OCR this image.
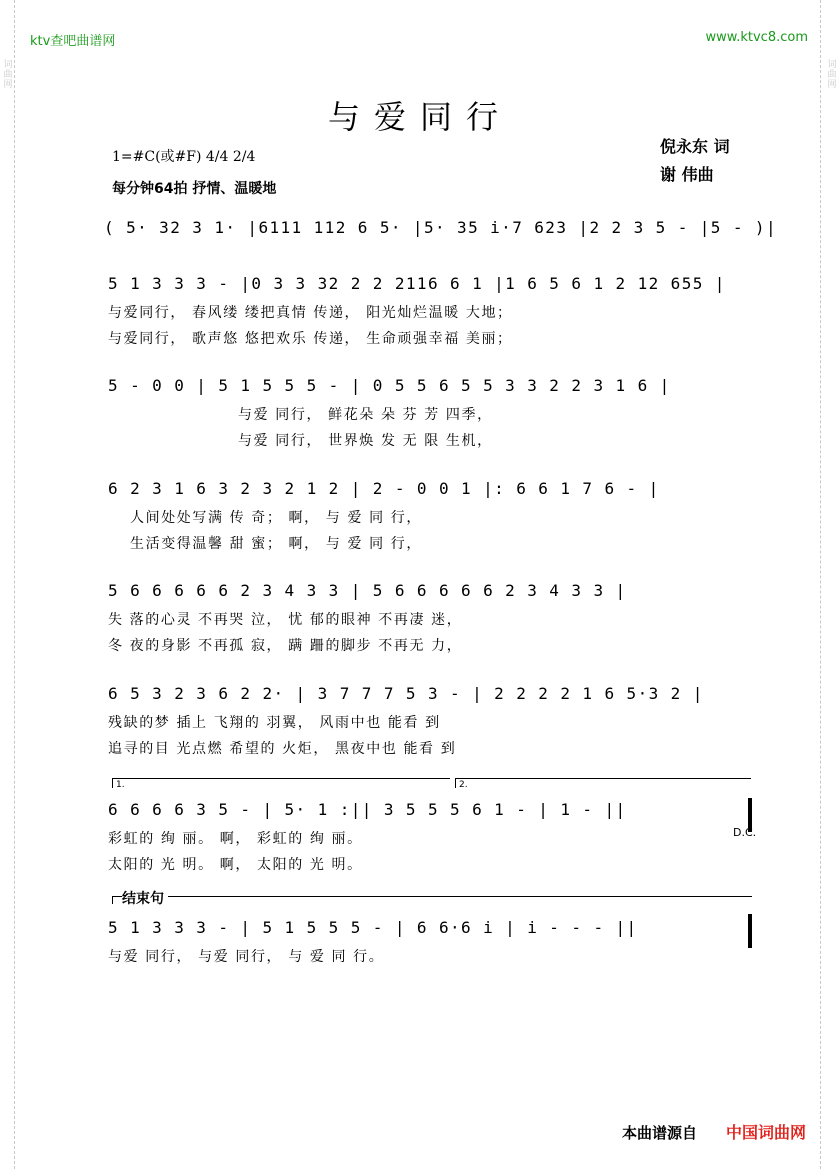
ktv查吧曲谱网	www.ktvc8.com
词曲网
词曲网
与爱同行
1=#C(或#F) 4/4 2/4
每分钟64拍 抒情、温暖地
倪永东 词
谢 伟曲
( 5· 32 3 1· |6111 112 6 5· |5· 35 i·7 623 |2 2 3 5 - |5 - )|
5 1 3 3 3 - |0 3 3 32 2 2 2116 6 1 |1 6 5 6 1 2 12 655 |
与爱同行， 春风缕 缕把真情 传递， 阳光灿烂温暖 大地；
与爱同行， 歌声悠 悠把欢乐 传递， 生命顽强幸福 美丽；
5 - 0 0 | 5 1 5 5 5 - | 0 5 5 6 5 5 3 3 2 2 3 1 6 |
与爱 同行， 鲜花朵 朵 芬 芳 四季，
与爱 同行， 世界焕 发 无 限 生机，
6 2 3 1 6 3 2 3 2 1 2 | 2 - 0 0 1 |: 6 6 1 7 6 - |
人间处处写满 传 奇； 啊， 与 爱 同 行，
生活变得温馨 甜 蜜； 啊， 与 爱 同 行，
5 6 6 6 6 6 2 3 4 3 3 | 5 6 6 6 6 6 2 3 4 3 3 |
失 落的心灵 不再哭 泣， 忧 郁的眼神 不再凄 迷，
冬 夜的身影 不再孤 寂， 蹒 跚的脚步 不再无 力，
6 5 3 2 3 6 2 2· | 3 7 7 7 5 3 - | 2 2 2 2 1 6 5·3 2 |
残缺的梦 插上 飞翔的 羽翼， 风雨中也 能看 到
追寻的目 光点燃 希望的 火炬， 黑夜中也 能看 到
1.	2.
6 6 6 6 3 5 - | 5· 1 :|| 3 5 5 5 6 1 - | 1 - ||
D.C.
彩虹的 绚 丽。 啊， 彩虹的 绚 丽。
太阳的 光 明。 啊， 太阳的 光 明。
结束句
5 1 3 3 3 - | 5 1 5 5 5 - | 6 6·6 i | i - - - ||
与爱 同行， 与爱 同行， 与 爱 同 行。
本曲谱源自 中国词曲网
